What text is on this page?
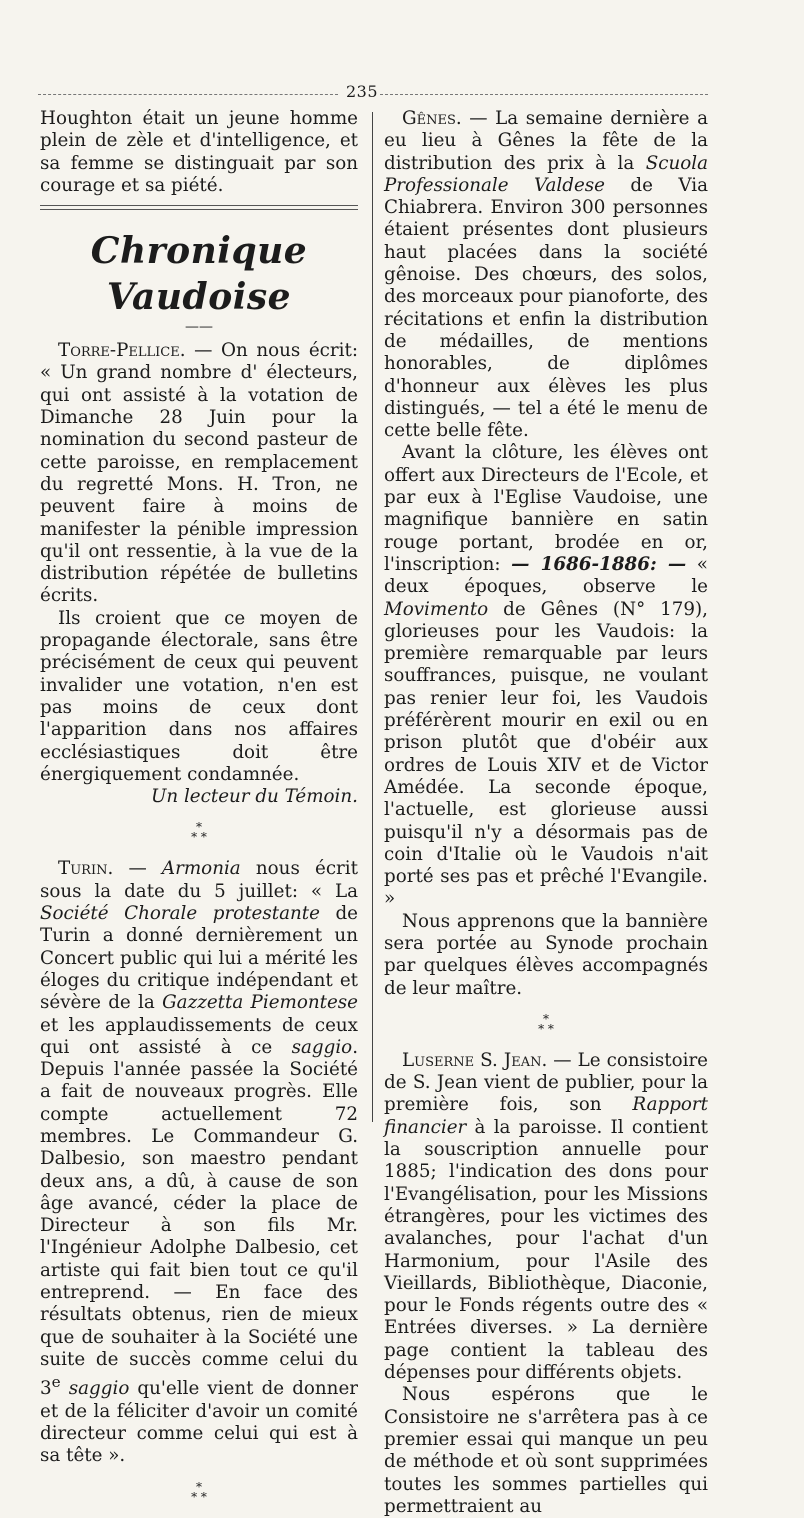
235

Houghton était un jeune homme plein de zèle et d'intelligence, et sa femme se distinguait par son courage et sa piété.

Chronique Vaudoise
——

Torre-Pellice. — On nous écrit: « Un grand nombre d' électeurs, qui ont assisté à la votation de Dimanche 28 Juin pour la nomination du second pasteur de cette paroisse, en remplacement du regretté Mons. H. Tron, ne peuvent faire à moins de manifester la pénible impression qu'il ont ressentie, à la vue de la distribution répétée de bulletins écrits.

Ils croient que ce moyen de propagande électorale, sans être précisément de ceux qui peuvent invalider une votation, n'en est pas moins de ceux dont l'apparition dans nos affaires ecclésiastiques doit être énergiquement condamnée.

Un lecteur du Témoin.

*
* *

Turin. — Armonia nous écrit sous la date du 5 juillet: « La Société Chorale protestante de Turin a donné dernièrement un Concert public qui lui a mérité les éloges du critique indépendant et sévère de la Gazzetta Piemontese et les applaudissements de ceux qui ont assisté à ce saggio. Depuis l'année passée la Société a fait de nouveaux progrès. Elle compte actuellement 72 membres. Le Commandeur G. Dalbesio, son maestro pendant deux ans, a dû, à cause de son âge avancé, céder la place de Directeur à son fils Mr. l'Ingénieur Adolphe Dalbesio, cet artiste qui fait bien tout ce qu'il entreprend. — En face des résultats obtenus, rien de mieux que de souhaiter à la Société une suite de succès comme celui du 3e saggio qu'elle vient de donner et de la féliciter d'avoir un comité directeur comme celui qui est à sa tête ».

*
* *

Gênes. — La semaine dernière a eu lieu à Gênes la fête de la distribution des prix à la Scuola Professionale Valdese de Via Chiabrera. Environ 300 personnes étaient présentes dont plusieurs haut placées dans la société gênoise. Des chœurs, des solos, des morceaux pour pianoforte, des récitations et enfin la distribution de médailles, de mentions honorables, de diplômes d'honneur aux élèves les plus distingués, — tel a été le menu de cette belle fête.

Avant la clôture, les élèves ont offert aux Directeurs de l'Ecole, et par eux à l'Eglise Vaudoise, une magnifique bannière en satin rouge portant, brodée en or, l'inscription: — 1686-1886: — « deux époques, observe le Movimento de Gênes (N° 179), glorieuses pour les Vaudois: la première remarquable par leurs souffrances, puisque, ne voulant pas renier leur foi, les Vaudois préférèrent mourir en exil ou en prison plutôt que d'obéir aux ordres de Louis XIV et de Victor Amédée. La seconde époque, l'actuelle, est glorieuse aussi puisqu'il n'y a désormais pas de coin d'Italie où le Vaudois n'ait porté ses pas et prêché l'Evangile. »

Nous apprenons que la bannière sera portée au Synode prochain par quelques élèves accompagnés de leur maître.

*
* *

Luserne S. Jean. — Le consistoire de S. Jean vient de publier, pour la première fois, son Rapport financier à la paroisse. Il contient la souscription annuelle pour 1885; l'indication des dons pour l'Evangélisation, pour les Missions étrangères, pour les victimes des avalanches, pour l'achat d'un Harmonium, pour l'Asile des Vieillards, Bibliothèque, Diaconie, pour le Fonds régents outre des « Entrées diverses. » La dernière page contient la tableau des dépenses pour différents objets.

Nous espérons que le Consistoire ne s'arrêtera pas à ce premier essai qui manque un peu de méthode et où sont supprimées toutes les sommes partielles qui permettraient au
